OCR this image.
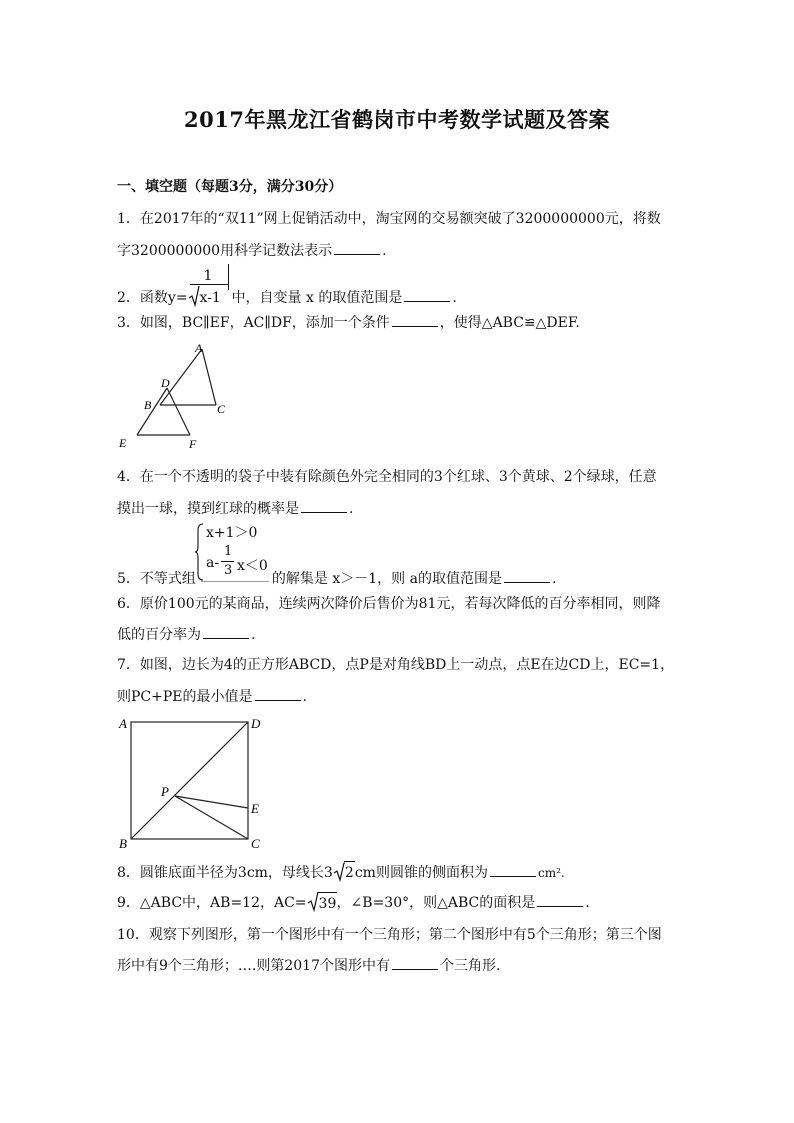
2017年黑龙江省鹤岗市中考数学试题及答案
一、填空题（每题3分，满分30分）
1．在2017年的“双11”网上促销活动中，淘宝网的交易额突破了3200000000元，将数
字3200000000用科学记数法表示	.
2．函数$y= \frac{1}{x-1}$ 中，自变量 x 的取值范围是	.
3．如图，BC∥EF，AC∥DF，添加一个条件	，使得△ABC≌△DEF.
A
D
B	C
E	F
4．在一个不透明的袋子中装有除颜色外完全相同的3个红球、3个黄球、2个绿球，任意
摸出一球，摸到红球的概率是	.
x+1＞0
a-
1
3 x＜0
5．不等式组	的解集是 x＞－1，则 a的取值范围是	.
6．原价100元的某商品，连续两次降价后售价为81元，若每次降低的百分率相同，则降
低的百分率为	.
7．如图，边长为4的正方形ABCD，点P是对角线BD上一动点，点E在边CD上，EC=1，
则PC+PE的最小值是	.
A	D
P
E
B	C
8．圆锥底面半径为3cm，母线长3 2 cm则圆锥的侧面积为	cm².
9．△ABC中，AB=12，AC= 39 ，∠B=30°，则△ABC的面积是	.
10．观察下列图形，第一个图形中有一个三角形；第二个图形中有5个三角形；第三个图
形中有9个三角形；….则第2017个图形中有	个三角形.
